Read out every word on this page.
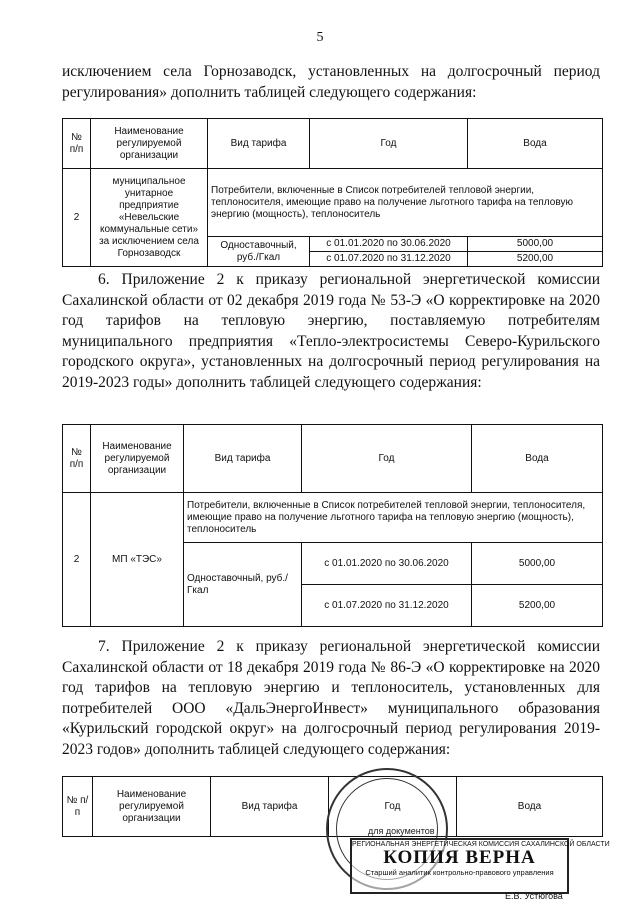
5
исключением села Горнозаводск, установленных на долгосрочный период регулирования» дополнить таблицей следующего содержания:
№ п/п	Наименование регулируемой организации	Вид тарифа	Год	Вода
2	муниципальное унитарное предприятие «Невельские коммунальные сети» за исключением села Горнозаводск	Потребители, включенные в Список потребителей тепловой энергии, теплоносителя, имеющие право на получение льготного тарифа на тепловую энергию (мощность), теплоноситель		
		Одноставочный, руб./Гкал	с 01.01.2020 по 30.06.2020	5000,00
			с 01.07.2020 по 31.12.2020	5200,00
6. Приложение 2 к приказу региональной энергетической комиссии Сахалинской области от 02 декабря 2019 года № 53-Э «О корректировке на 2020 год тарифов на тепловую энергию, поставляемую потребителям муниципального предприятия «Тепло-электросистемы Северо-Курильского городского округа», установленных на долгосрочный период регулирования на 2019-2023 годы» дополнить таблицей следующего содержания:
№ п/п	Наименование регулируемой организации	Вид тарифа	Год	Вода
2	МП «ТЭС»	Потребители, включенные в Список потребителей тепловой энергии, теплоносителя, имеющие право на получение льготного тарифа на тепловую энергию (мощность), теплоноситель		
		Одноставочный, руб./Гкал	с 01.01.2020 по 30.06.2020	5000,00
			с 01.07.2020 по 31.12.2020	5200,00
7. Приложение 2 к приказу региональной энергетической комиссии Сахалинской области от 18 декабря 2019 года № 86-Э «О корректировке на 2020 год тарифов на тепловую энергию и теплоноситель, установленных для потребителей ООО «ДальЭнергоИнвест» муниципального образования «Курильский городской округ» на долгосрочный период регулирования 2019-2023 годов» дополнить таблицей следующего содержания:
№ п/п	Наименование регулируемой организации	Вид тарифа	Год	Вода
для документов
РЕГИОНАЛЬНАЯ ЭНЕРГЕТИЧЕСКАЯ КОМИССИЯ САХАЛИНСКОЙ ОБЛАСТИ
КОПИЯ ВЕРНА
Старший аналитик контрольно-правового управления
Е.В. Устюгова
